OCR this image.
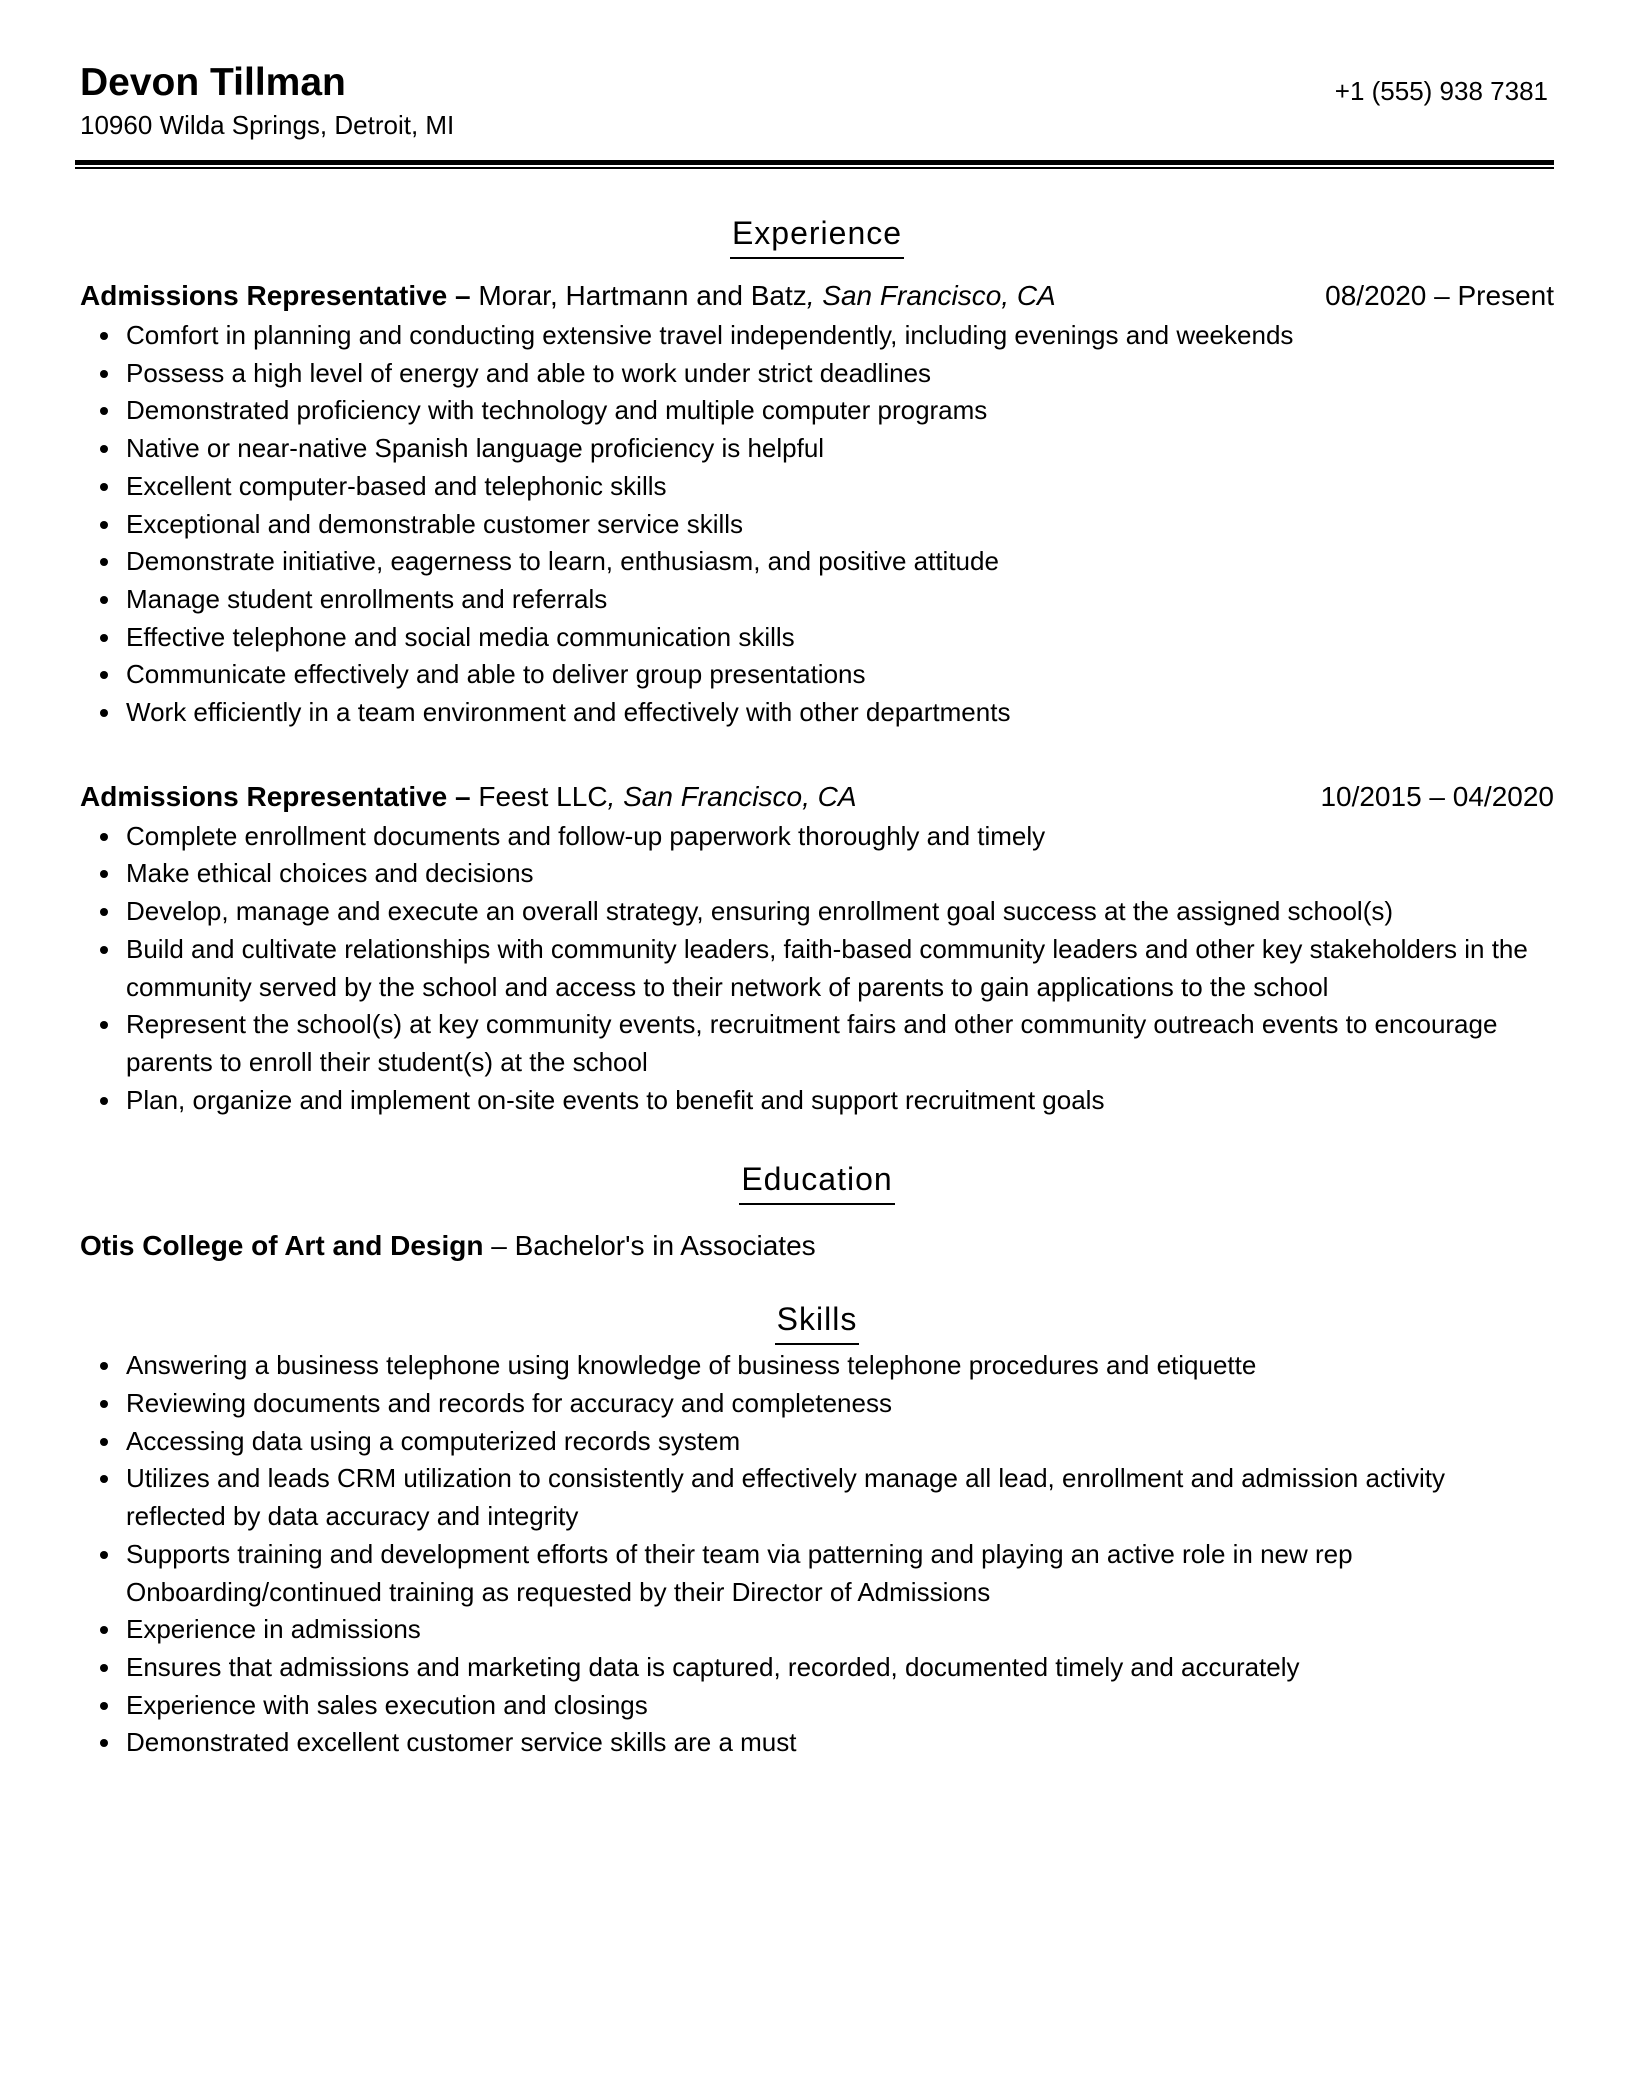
Devon Tillman

10960 Wilda Springs, Detroit, MI

+1 (555) 938 7381
Experience
Admissions Representative – Morar, Hartmann and Batz, San Francisco, CA	08/2020 – Present
Comfort in planning and conducting extensive travel independently, including evenings and weekends
Possess a high level of energy and able to work under strict deadlines
Demonstrated proficiency with technology and multiple computer programs
Native or near-native Spanish language proficiency is helpful
Excellent computer-based and telephonic skills
Exceptional and demonstrable customer service skills
Demonstrate initiative, eagerness to learn, enthusiasm, and positive attitude
Manage student enrollments and referrals
Effective telephone and social media communication skills
Communicate effectively and able to deliver group presentations
Work efficiently in a team environment and effectively with other departments
Admissions Representative – Feest LLC, San Francisco, CA	10/2015 – 04/2020
Complete enrollment documents and follow-up paperwork thoroughly and timely
Make ethical choices and decisions
Develop, manage and execute an overall strategy, ensuring enrollment goal success at the assigned school(s)
Build and cultivate relationships with community leaders, faith-based community leaders and other key stakeholders in the community served by the school and access to their network of parents to gain applications to the school
Represent the school(s) at key community events, recruitment fairs and other community outreach events to encourage parents to enroll their student(s) at the school
Plan, organize and implement on-site events to benefit and support recruitment goals
Education
Otis College of Art and Design – Bachelor's in Associates
Skills
Answering a business telephone using knowledge of business telephone procedures and etiquette
Reviewing documents and records for accuracy and completeness
Accessing data using a computerized records system
Utilizes and leads CRM utilization to consistently and effectively manage all lead, enrollment and admission activity reflected by data accuracy and integrity
Supports training and development efforts of their team via patterning and playing an active role in new rep Onboarding/continued training as requested by their Director of Admissions
Experience in admissions
Ensures that admissions and marketing data is captured, recorded, documented timely and accurately
Experience with sales execution and closings
Demonstrated excellent customer service skills are a must
